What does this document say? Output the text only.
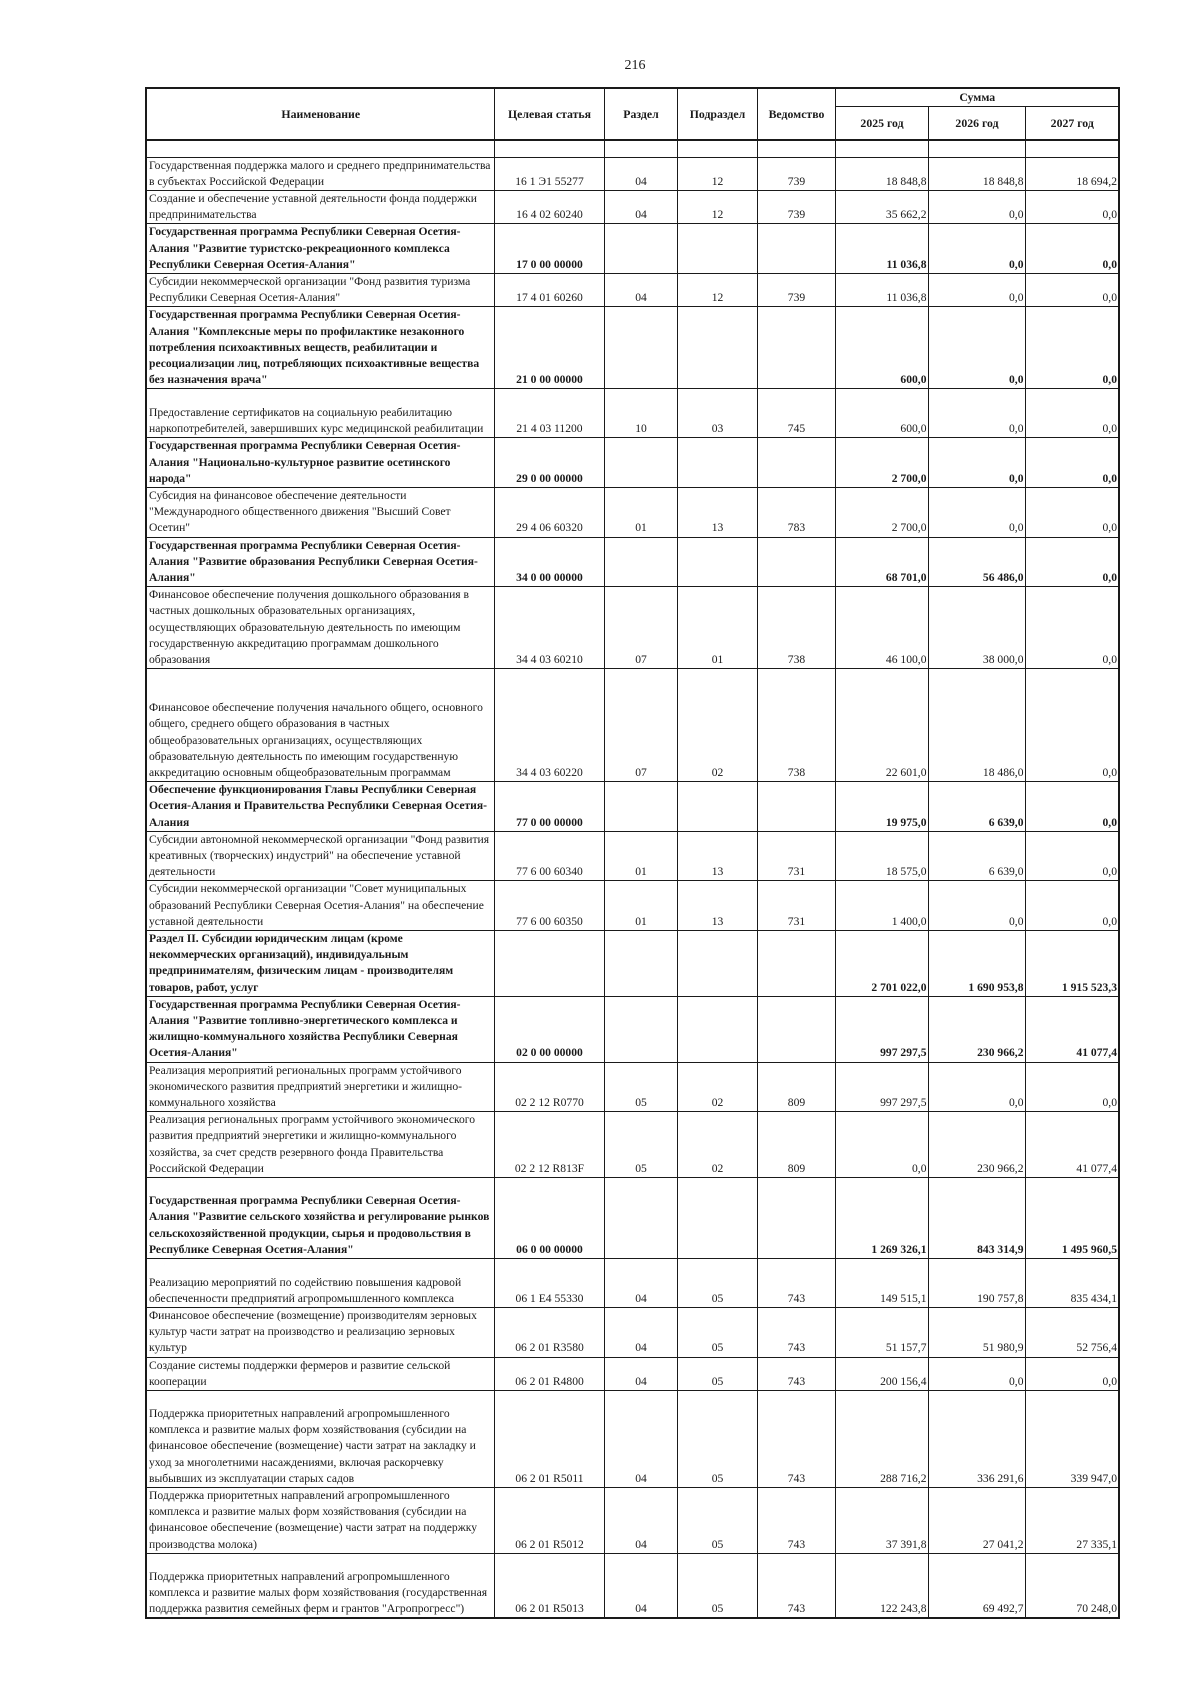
216
Наименование	Целевая статья	Раздел	Подраздел	Ведомство	Сумма		
					2025 год	2026 год	2027 год

Государственная поддержка малого и среднего предпринимательства в субъектах Российской Федерации	16 1 Э1 55277	04	12	739	18 848,8	18 848,8	18 694,2
Создание и обеспечение уставной деятельности фонда поддержки предпринимательства	16 4 02 60240	04	12	739	35 662,2	0,0	0,0
Государственная программа Республики Северная Осетия-Алания "Развитие туристско-рекреационного комплекса Республики Северная Осетия-Алания"	17 0 00 00000				11 036,8	0,0	0,0
Субсидии некоммерческой организации "Фонд развития туризма Республики Северная Осетия-Алания"	17 4 01 60260	04	12	739	11 036,8	0,0	0,0
Государственная программа Республики Северная Осетия-Алания "Комплексные меры по профилактике незаконного потребления психоактивных веществ, реабилитации и ресоциализации лиц, потребляющих психоактивные вещества без назначения врача"	21 0 00 00000				600,0	0,0	0,0
Предоставление сертификатов на социальную реабилитацию наркопотребителей, завершивших курс медицинской реабилитации	21 4 03 11200	10	03	745	600,0	0,0	0,0
Государственная программа Республики Северная Осетия-Алания "Национально-культурное развитие осетинского народа"	29 0 00 00000				2 700,0	0,0	0,0
Субсидия на финансовое обеспечение деятельности "Международного общественного движения "Высший Совет Осетин"	29 4 06 60320	01	13	783	2 700,0	0,0	0,0
Государственная программа Республики Северная Осетия-Алания "Развитие образования Республики Северная Осетия-Алания"	34 0 00 00000				68 701,0	56 486,0	0,0
Финансовое обеспечение получения дошкольного образования в частных дошкольных образовательных организациях, осуществляющих образовательную деятельность по имеющим государственную аккредитацию программам дошкольного образования	34 4 03 60210	07	01	738	46 100,0	38 000,0	0,0
Финансовое обеспечение получения начального общего, основного общего, среднего общего образования в частных общеобразовательных организациях, осуществляющих образовательную деятельность по имеющим государственную аккредитацию основным общеобразовательным программам	34 4 03 60220	07	02	738	22 601,0	18 486,0	0,0
Обеспечение функционирования Главы Республики Северная Осетия-Алания и Правительства Республики Северная Осетия-Алания	77 0 00 00000				19 975,0	6 639,0	0,0
Субсидии автономной некоммерческой организации "Фонд развития креативных (творческих) индустрий" на обеспечение уставной деятельности	77 6 00 60340	01	13	731	18 575,0	6 639,0	0,0
Субсидии некоммерческой организации "Совет муниципальных образований Республики Северная Осетия-Алания" на обеспечение уставной деятельности	77 6 00 60350	01	13	731	1 400,0	0,0	0,0
Раздел II. Субсидии юридическим лицам (кроме некоммерческих организаций), индивидуальным предпринимателям, физическим лицам - производителям товаров, работ, услуг					2 701 022,0	1 690 953,8	1 915 523,3
Государственная программа Республики Северная Осетия-Алания "Развитие топливно-энергетического комплекса и жилищно-коммунального хозяйства Республики Северная Осетия-Алания"	02 0 00 00000				997 297,5	230 966,2	41 077,4
Реализация мероприятий региональных программ устойчивого экономического развития предприятий энергетики и жилищно-коммунального хозяйства	02 2 12 R0770	05	02	809	997 297,5	0,0	0,0
Реализация региональных программ устойчивого экономического развития предприятий энергетики и жилищно-коммунального хозяйства, за счет средств резервного фонда Правительства Российской Федерации	02 2 12 R813F	05	02	809	0,0	230 966,2	41 077,4
Государственная программа Республики Северная Осетия-Алания "Развитие сельского хозяйства и регулирование рынков сельскохозяйственной продукции, сырья и продовольствия в Республике Северная Осетия-Алания"	06 0 00 00000				1 269 326,1	843 314,9	1 495 960,5
Реализацию мероприятий по содействию повышения кадровой обеспеченности предприятий агропромышленного комплекса	06 1 Е4 55330	04	05	743	149 515,1	190 757,8	835 434,1
Финансовое обеспечение (возмещение) производителям зерновых культур части затрат на производство и реализацию зерновых культур	06 2 01 R3580	04	05	743	51 157,7	51 980,9	52 756,4
Создание системы поддержки фермеров и развитие сельской кооперации	06 2 01 R4800	04	05	743	200 156,4	0,0	0,0
Поддержка приоритетных направлений агропромышленного комплекса и развитие малых форм хозяйствования (субсидии на финансовое обеспечение (возмещение) части затрат на закладку и уход за многолетними насаждениями, включая раскорчевку выбывших из эксплуатации старых садов	06 2 01 R5011	04	05	743	288 716,2	336 291,6	339 947,0
Поддержка приоритетных направлений агропромышленного комплекса и развитие малых форм хозяйствования (субсидии на финансовое обеспечение (возмещение) части затрат на поддержку производства молока)	06 2 01 R5012	04	05	743	37 391,8	27 041,2	27 335,1
Поддержка приоритетных направлений агропромышленного комплекса и развитие малых форм хозяйствования (государственная поддержка развития семейных ферм и грантов "Агропрогресс")	06 2 01 R5013	04	05	743	122 243,8	69 492,7	70 248,0
